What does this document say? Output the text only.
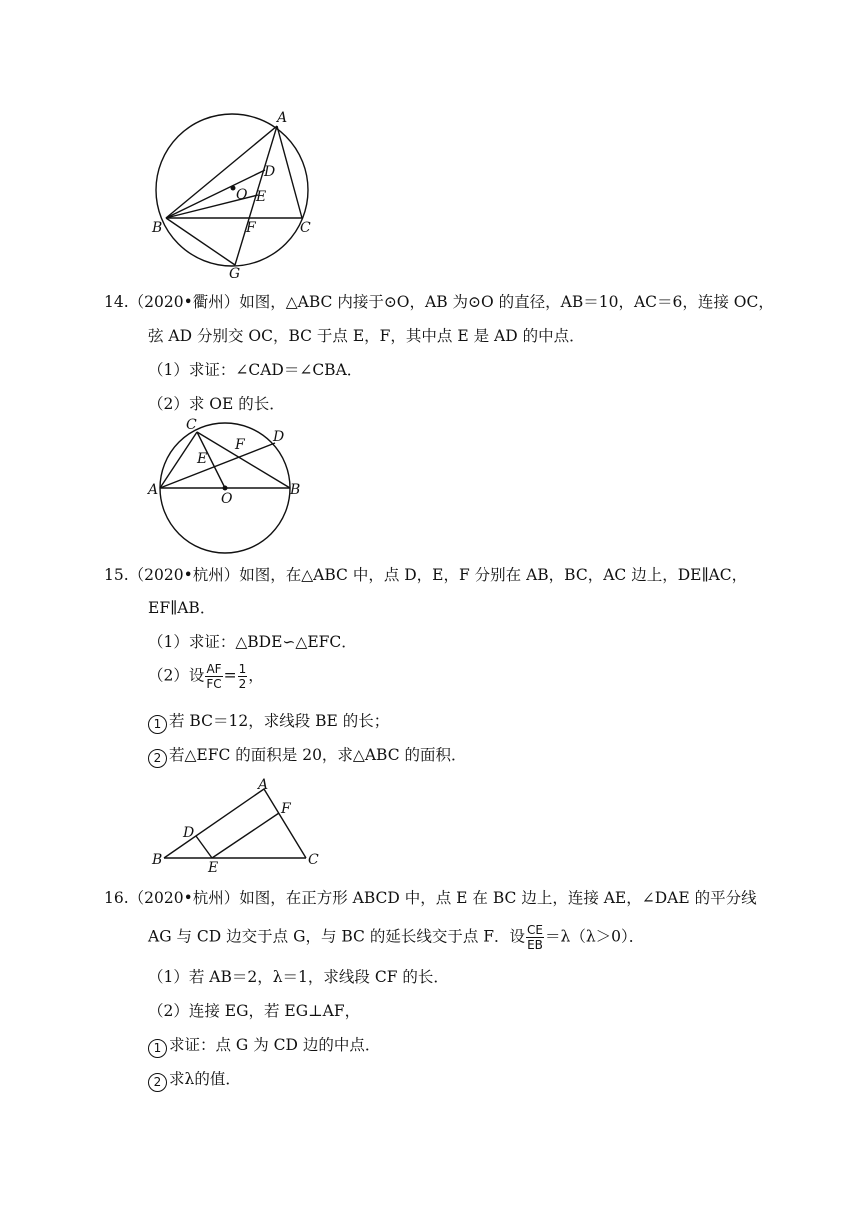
A
B	C
D
E
F
G
O
14.（2020•衢州）如图，△ABC 内接于⊙O，AB 为⊙O 的直径，AB＝10，AC＝6，连接 OC，
弦 AD 分别交 OC，BC 于点 E，F，其中点 E 是 AD 的中点．
（1）求证：∠CAD＝∠CBA．
（2）求 OE 的长．
C
D
F
E
A	B
O
15.（2020•杭州）如图，在△ABC 中，点 D，E，F 分别在 AB，BC，AC 边上，DE∥AC，
EF∥AB．
（1）求证：△BDE∽△EFC．
（2）设 $\frac{AF}{FC} = \frac{1}{2}$ ，
1 若 BC＝12，求线段 BE 的长；
2 若△EFC 的面积是 20，求△ABC 的面积．
A
F
D
B	E	C
16.（2020•杭州）如图，在正方形 ABCD 中，点 E 在 BC 边上，连接 AE，∠DAE 的平分线
AG 与 CD 边交于点 G，与 BC 的延长线交于点 F．设 $\frac{CE}{EB} =\lambda(\lambda>0)$．
（1）若 AB＝2，λ＝1，求线段 CF 的长．
（2）连接 EG，若 EG⊥AF，
1 求证：点 G 为 CD 边的中点．
2 求λ的值．
